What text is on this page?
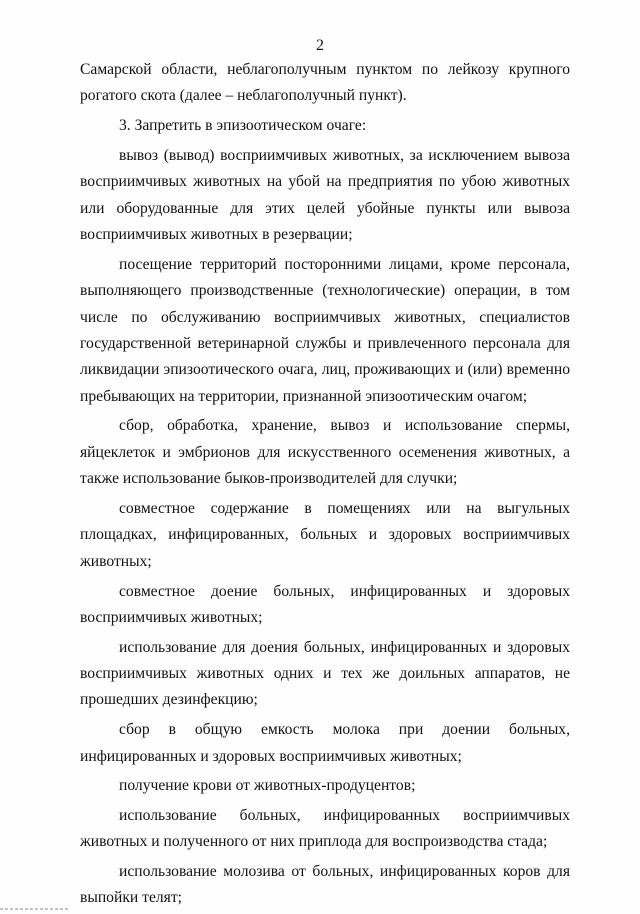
2

Самарской области, неблагополучным пунктом по лейкозу крупного рогатого скота (далее – неблагополучный пункт).

3. Запретить в эпизоотическом очаге:

вывоз (вывод) восприимчивых животных, за исключением вывоза восприимчивых животных на убой на предприятия по убою животных или оборудованные для этих целей убойные пункты или вывоза восприимчивых животных в резервации;

посещение территорий посторонними лицами, кроме персонала, выполняющего производственные (технологические) операции, в том числе по обслуживанию восприимчивых животных, специалистов государственной ветеринарной службы и привлеченного персонала для ликвидации эпизоотического очага, лиц, проживающих и (или) временно пребывающих на территории, признанной эпизоотическим очагом;

сбор, обработка, хранение, вывоз и использование спермы, яйцеклеток и эмбрионов для искусственного осеменения животных, а также использование быков-производителей для случки;

совместное содержание в помещениях или на выгульных площадках, инфицированных, больных и здоровых восприимчивых животных;

совместное доение больных, инфицированных и здоровых восприимчивых животных;

использование для доения больных, инфицированных и здоровых восприимчивых животных одних и тех же доильных аппаратов, не прошедших дезинфекцию;

сбор в общую емкость молока при доении больных, инфицированных и здоровых восприимчивых животных;

получение крови от животных-продуцентов;

использование больных, инфицированных восприимчивых животных и полученного от них приплода для воспроизводства стада;

использование молозива от больных, инфицированных коров для выпойки телят;
